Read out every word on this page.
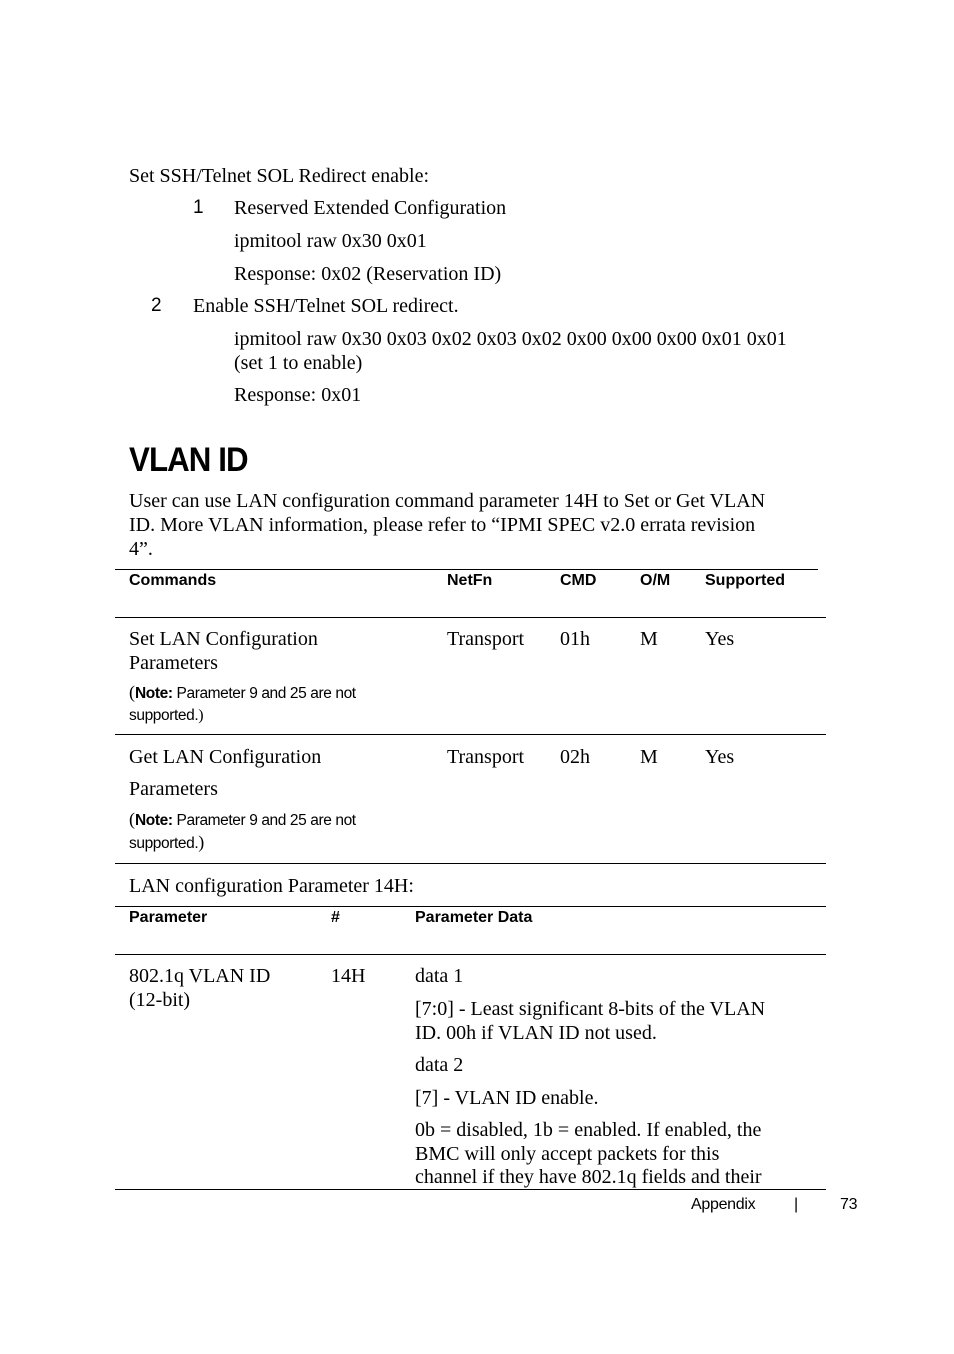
Set SSH/Telnet SOL Redirect enable:
1 Reserved Extended Configuration
ipmitool raw 0x30 0x01
Response: 0x02 (Reservation ID)
2 Enable SSH/Telnet SOL redirect.
ipmitool raw 0x30 0x03 0x02 0x03 0x02 0x00 0x00 0x00 0x01 0x01
(set 1 to enable)
Response: 0x01
VLAN ID
User can use LAN configuration command parameter 14H to Set or Get VLAN
ID. More VLAN information, please refer to “IPMI SPEC v2.0 errata revision
4”.
Commands	NetFn	CMD	O/M Supported
Set LAN Configuration
Parameters
(Note: Parameter 9 and 25 are not
supported.)
Transport 01h	M Yes
Get LAN Configuration
Parameters
(Note: Parameter 9 and 25 are not
supported.)
Transport 02h	M Yes
LAN configuration Parameter 14H:
Parameter	#	Parameter Data
802.1q VLAN ID
(12-bit)
14H data 1
[7:0] - Least significant 8-bits of the VLAN
ID. 00h if VLAN ID not used.
data 2
[7] - VLAN ID enable.
0b = disabled, 1b = enabled. If enabled, the
BMC will only accept packets for this
channel if they have 802.1q fields and their
Appendix |	73
